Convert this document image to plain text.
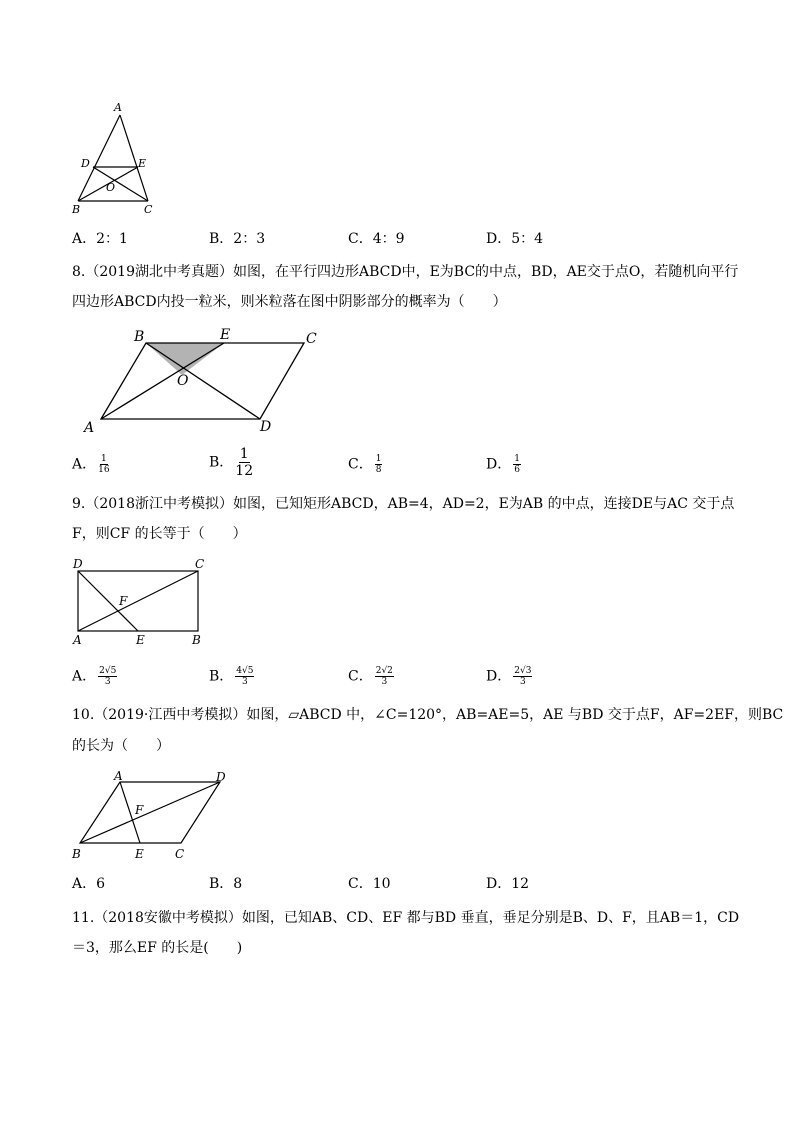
A
D	E
O
B	C
A．2：1	B．2：3	C．4：9	D．5：4
8.（2019湖北中考真题）如图，在平行四边形ABCD中，E为BC的中点，BD，AE交于点O，若随机向平行
四边形ABCD内投一粒米，则米粒落在图中阴影部分的概率为（　　）
B	E	C
O
A	D
A． $\frac{1}{16}$	B． $\frac{1}{12}$	C． $\frac{1}{8}$	D． $\frac{1}{6}$
9.（2018浙江中考模拟）如图，已知矩形ABCD，AB=4，AD=2，E为AB 的中点，连接DE与AC 交于点
F，则CF 的长等于（　　）
D	C
F
A	E	B
A． $\frac{2√5}{3}$	B． $\frac{4√5}{3}$	C． $\frac{2√2}{3}$	D． $\frac{2√3}{3}$
10.（2019·江西中考模拟）如图，▱ABCD 中，∠C=120°，AB=AE=5，AE 与BD 交于点F，AF=2EF，则BC
的长为（　　）
A	D
F
B	E	C
A．6	B．8	C．10	D．12
11.（2018安徽中考模拟）如图，已知AB、CD、EF 都与BD 垂直，垂足分别是B、D、F，且AB＝1，CD
＝3，那么EF 的长是(　　)
